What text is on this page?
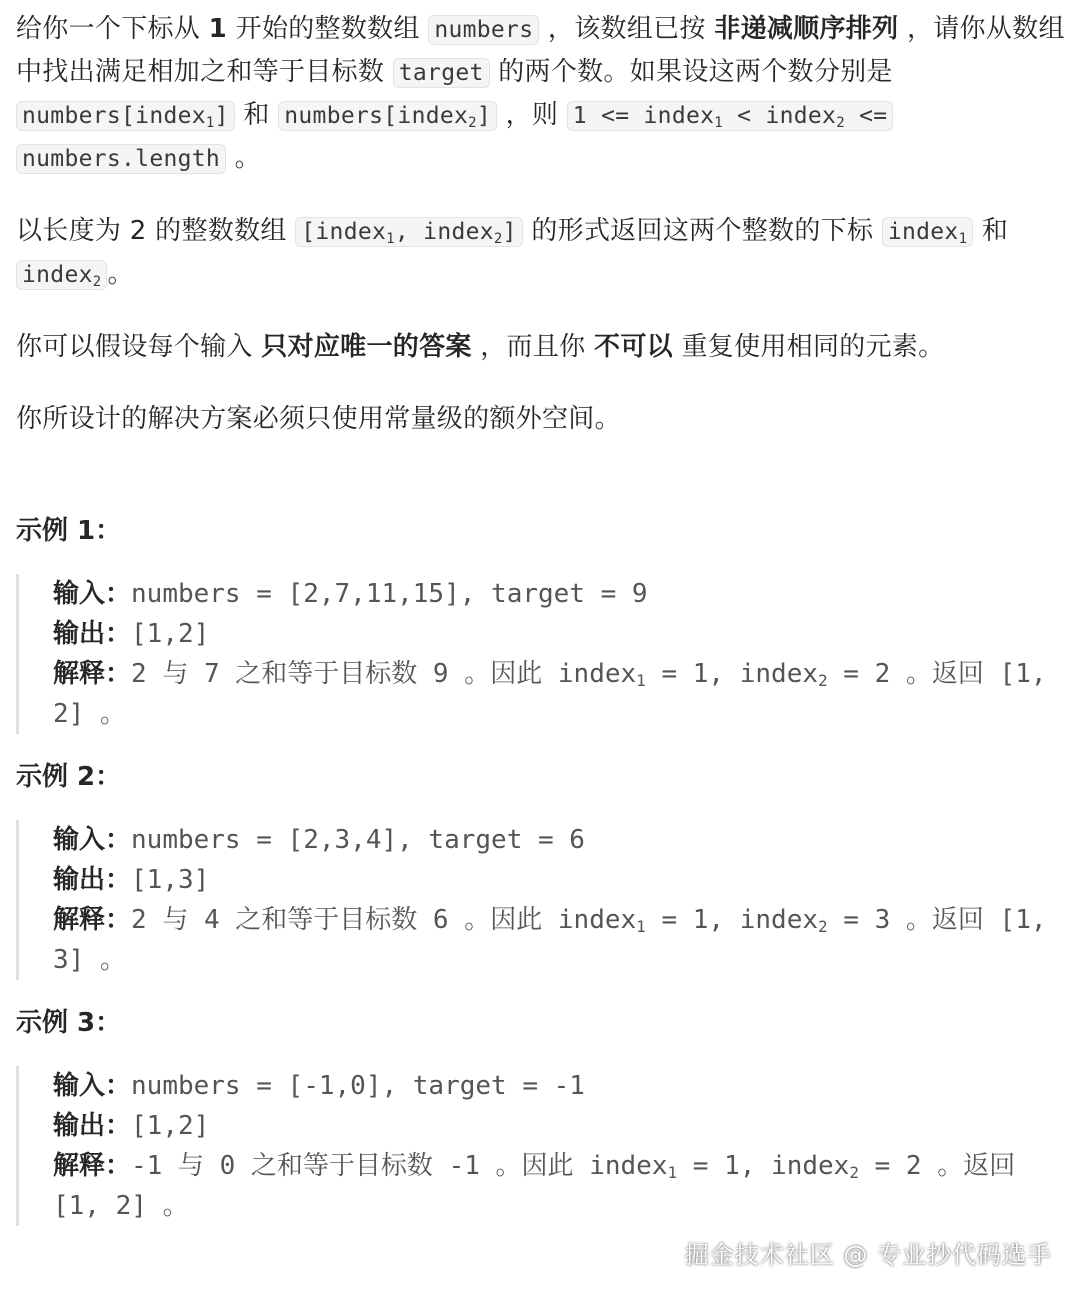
给你一个下标从 1 开始的整数数组 numbers ，该数组已按 非递减顺序排列 ，请你从数组中找出满足相加之和等于目标数 target 的两个数。如果设这两个数分别是 numbers[index$_1$] 和 numbers[index$_2$] ，则 1 <= index$_1$ < index$_2$ <= numbers.length 。

以长度为 2 的整数数组 [index$_1$, index$_2$] 的形式返回这两个整数的下标 index$_1$ 和 index$_2$ 。

你可以假设每个输入 只对应唯一的答案 ，而且你 不可以 重复使用相同的元素。

你所设计的解决方案必须只使用常量级的额外空间。

示例 1：
输入：numbers = [2,7,11,15], target = 9
输出：[1,2]
解释：2 与 7 之和等于目标数 9 。因此 index$_1$ = 1, index$_2$ = 2 。返回 [1, 2] 。
示例 2：
输入：numbers = [2,3,4], target = 6
输出：[1,3]
解释：2 与 4 之和等于目标数 6 。因此 index$_1$ = 1, index$_2$ = 3 。返回 [1, 3] 。
示例 3：
输入：numbers = [-1,0], target = -1
输出：[1,2]
解释：-1 与 0 之和等于目标数 -1 。因此 index$_1$ = 1, index$_2$ = 2 。返回 [1, 2] 。
掘金技术社区 @ 专业抄代码选手
